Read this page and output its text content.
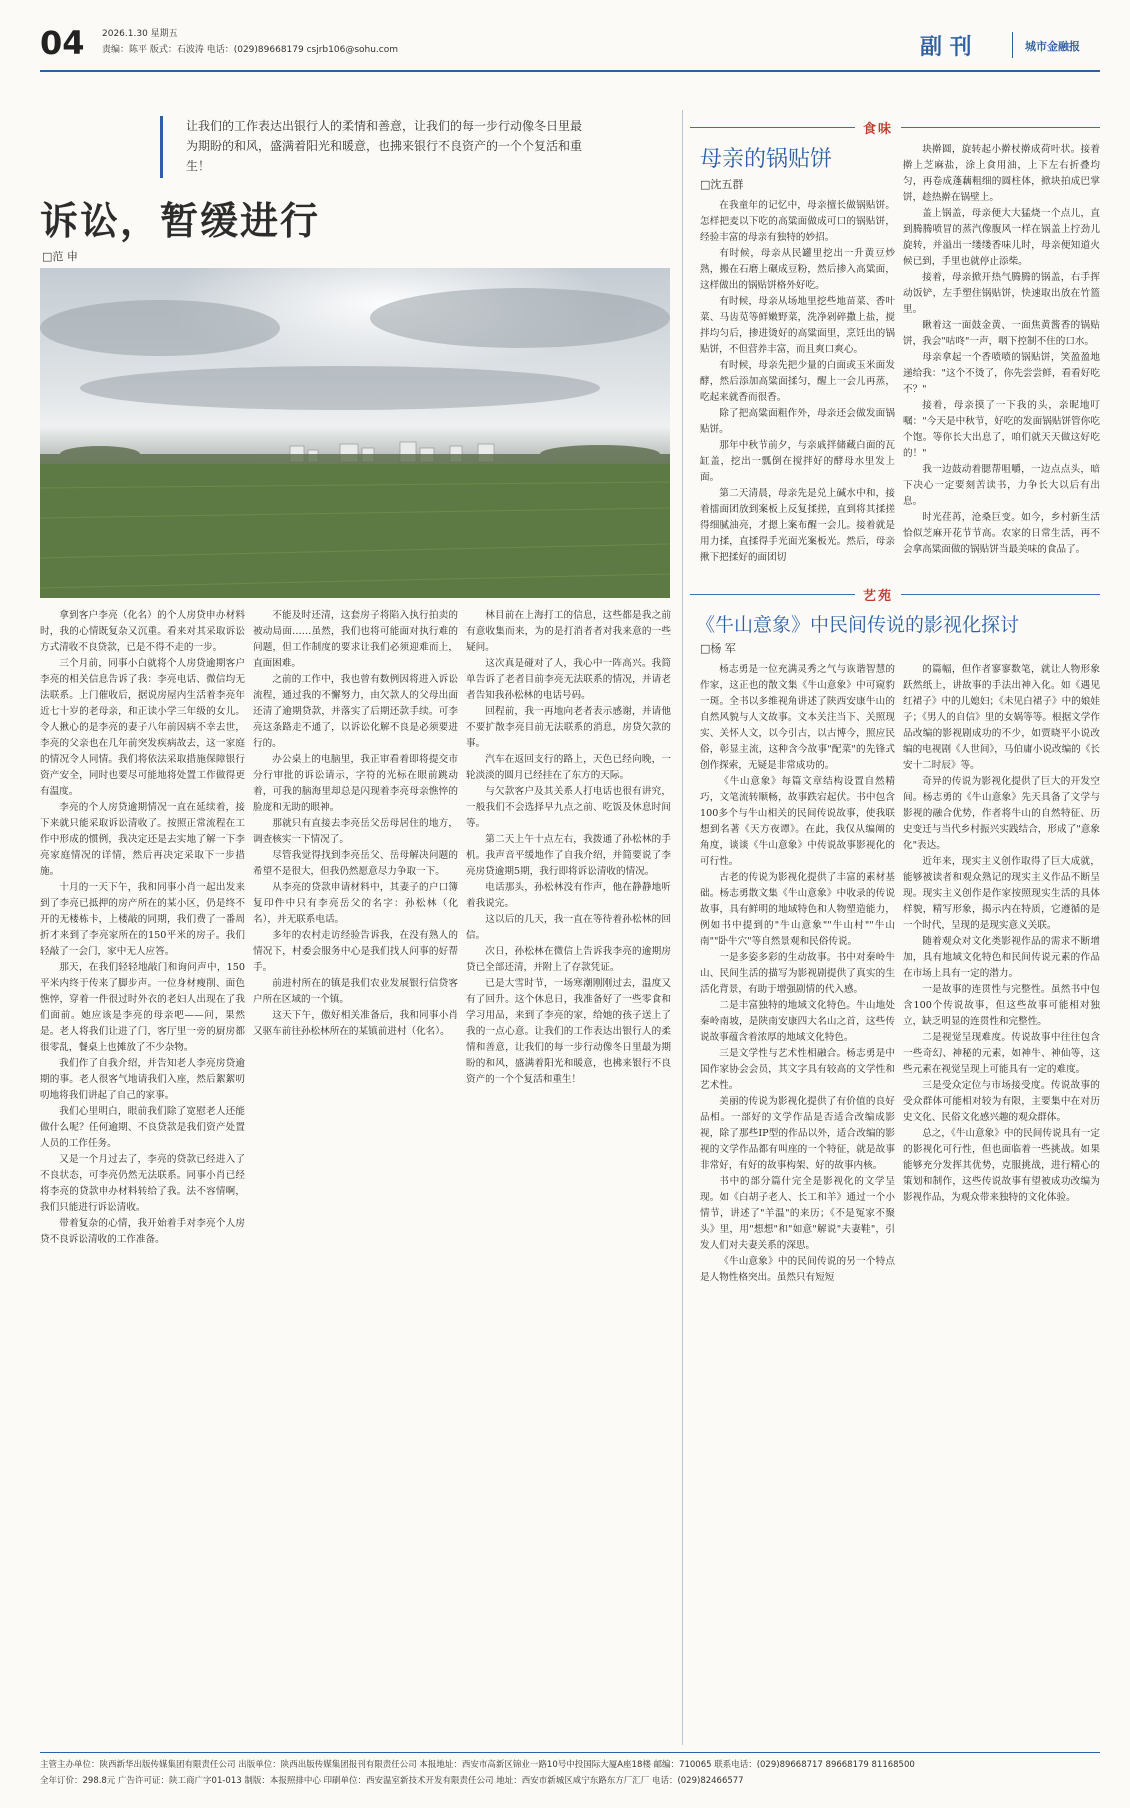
04 2026.1.30 星期五
责编：陈平 版式：石波涛 电话：(029)89668179 csjrb106@sohu.com	副 刊	城市金融报
让我们的工作表达出银行人的柔情和善意，让我们的每一步行动像冬日里最为期盼的和风，盛满着阳光和暖意，也拂来银行不良资产的一个个复活和重生！
诉讼，暂缓进行
□范 申

拿到客户李亮（化名）的个人房贷申办材料时，我的心情既复杂又沉重。看来对其采取诉讼方式清收不良贷款，已是不得不走的一步。

三个月前，同事小白就将个人房贷逾期客户李亮的相关信息告诉了我：李亮电话、微信均无法联系。上门催收后，据说房屋内生活着李亮年近七十岁的老母亲，和正读小学三年级的女儿。令人揪心的是李亮的妻子八年前因病不幸去世，李亮的父亲也在几年前突发疾病故去，这一家庭的情况令人同情。我们将依法采取措施保障银行资产安全，同时也要尽可能地将处置工作做得更有温度。

李亮的个人房贷逾期情况一直在延续着，接下来就只能采取诉讼清收了。按照正常流程在工作中形成的惯例，我决定还是去实地了解一下李亮家庭情况的详情，然后再决定采取下一步措施。

十月的一天下午，我和同事小肖一起出发来到了李亮已抵押的房产所在的某小区，仍是终不开的无楼栋卡，上楼敲的同期，我们费了一番周折才来到了李亮家所在的150平米的房子。我们轻敲了一会门，家中无人应答。

那天，在我们轻轻地敲门和询问声中，150平米内终于传来了脚步声。一位身材瘦削、面色憔悴，穿着一件很过时外衣的老妇人出现在了我们面前。她应该是李亮的母亲吧——问，果然是。老人将我们让进了门，客厅里一旁的厨房都很零乱，餐桌上也摊放了不少杂物。

我们作了自我介绍，并告知老人李亮房贷逾期的事。老人很客气地请我们入座，然后絮絮叨叨地将我们讲起了自己的家事。

我们心里明白，眼前我们除了宽慰老人还能做什么呢？任何逾期、不良贷款是我们资产处置人员的工作任务。

又是一个月过去了，李亮的贷款已经进入了不良状态，可李亮仍然无法联系。同事小肖已经将李亮的贷款申办材料转给了我。法不容情啊，我们只能进行诉讼清收。

带着复杂的心情，我开始着手对李亮个人房贷不良诉讼清收的工作准备。

不能及时还清，这套房子将陷入执行拍卖的被动局面……虽然，我们也将可能面对执行难的问题，但工作制度的要求让我们必须迎难而上，直面困难。

之前的工作中，我也曾有数例因将进入诉讼流程，通过我的不懈努力，由欠款人的父母出面还清了逾期贷款，并落实了后期还款手续。可李亮这条路走不通了，以诉讼化解不良是必须要进行的。

办公桌上的电脑里，我正审看着即将提交市分行审批的诉讼请示，字符的光标在眼前跳动着，可我的脑海里却总是闪现着李亮母亲憔悴的脸庞和无助的眼神。

那就只有直接去李亮岳父岳母居住的地方，调查核实一下情况了。

尽管我觉得找到李亮岳父、岳母解决问题的希望不是很大，但我仍然愿意尽力争取一下。

从李亮的贷款申请材料中，其妻子的户口簿复印件中只有李亮岳父的名字：孙松林（化名），并无联系电话。

多年的农村走访经验告诉我，在没有熟人的情况下，村委会服务中心是我们找人问事的好帮手。

前进村所在的镇是我们农业发展银行信贷客户所在区域的一个镇。

这天下午，傲好相关准备后，我和同事小肖又驱车前往孙松林所在的某镇前进村（化名）。

林目前在上海打工的信息，这些都是我之前有意收集而来，为的是打消者者对我来意的一些疑问。

这次真是碰对了人，我心中一阵高兴。我简单告诉了老者目前李亮无法联系的情况，并请老者告知我孙松林的电话号码。

回程前，我一再地向老者表示感谢，并请他不要扩散李亮目前无法联系的消息，房贷欠款的事。

汽车在返回支行的路上，天色已经向晚，一轮淡淡的圆月已经挂在了东方的天际。

与欠款客户及其关系人打电话也很有讲究，一般我们不会选择早九点之前、吃饭及休息时间等。

第二天上午十点左右，我拨通了孙松林的手机。我声音平缓地作了自我介绍，并简要说了李亮房贷逾期5期，我行即将诉讼清收的情况。

电话那头，孙松林没有作声，他在静静地听着我说完。

这以后的几天，我一直在等待着孙松林的回信。

次日，孙松林在微信上告诉我李亮的逾期房贷已全部还清，并附上了存款凭证。

已是大雪时节，一场寒潮刚刚过去，温度又有了回升。这个休息日，我准备好了一些零食和学习用品，来到了李亮的家，给她的孩子送上了我的一点心意。让我们的工作表达出银行人的柔情和善意，让我们的每一步行动像冬日里最为期盼的和风，盛满着阳光和暖意，也拂来银行不良资产的一个个复活和重生！

食味
母亲的锅贴饼
□沈五群

在我童年的记忆中，母亲擅长做锅贴饼。怎样把麦以下吃的高粱面做成可口的锅贴饼，经验丰富的母亲有独特的妙招。

有时候，母亲从民罐里挖出一升黄豆炒熟，搬在石磨上碾成豆粉，然后掺入高粱面，这样做出的锅贴饼格外好吃。

有时候，母亲从场地里挖些地苗菜、香叶菜、马齿苋等鲜嫩野菜，洗净剁碎撒上盐，搅拌均匀后，掺进烫好的高粱面里，烹饪出的锅贴饼，不但营养丰富，而且爽口爽心。

有时候，母亲先把少量的白面或玉米面发酵，然后添加高粱面揉匀，醒上一会儿再蒸，吃起来就香而很香。

除了把高粱面粗作外，母亲还会做发面锅贴饼。

那年中秋节前夕，与亲戚拌储藏白面的瓦缸盖，挖出一瓢倒在搅拌好的酵母水里发上面。

第二天清晨，母亲先是兑上碱水中和，接着擂面团放到案板上反复揉搓，直到将其揉搓得细腻油亮，才摁上案布醒一会儿。接着就是用力揉，直揉得手光面光案板光。然后，母亲揪下把揉好的面团切

块擀圆，旋转起小擀杖擀成荷叶状。接着擀上芝麻盐，涂上食用油，上下左右折叠均匀，再卷成蓬藕粗细的圆柱体，掀块拍成巴掌饼，趁热擀在锅壁上。

盖上锅盖，母亲便大大猛烧一个点儿，直到腾腾喷冒的蒸汽像腹风一样在锅盖上拧劲儿旋转，并溢出一缕缕香味儿时，母亲便知道火候已到，手里也就停止添柴。

接着，母亲掀开热气腾腾的锅盖，右手挥动饭铲，左手塑住锅贴饼，快速取出放在竹篮里。

瞅着这一面鼓金黄、一面焦黄酱香的锅贴饼，我会"咕咚"一声，咽下控制不住的口水。

母亲拿起一个香喷喷的锅贴饼，笑盈盈地递给我："这个不烫了，你先尝尝鲜，看看好吃不？"

接着，母亲摸了一下我的头，亲昵地叮嘱："今天是中秋节，好吃的发面锅贴饼管你吃个饱。等你长大出息了，咱们就天天做这好吃的！"

我一边鼓动着腮帮咀嚼，一边点点头，暗下决心一定要刻苦读书，力争长大以后有出息。

时光荏苒，沧桑巨变。如今，乡村新生活恰似芝麻开花节节高。农家的日常生活，再不会拿高粱面做的锅贴饼当最美味的食品了。

艺苑
《牛山意象》中民间传说的影视化探讨
□杨 军

杨志勇是一位充满灵秀之气与诙谐智慧的作家，这正也的散文集《牛山意象》中可窥豹一斑。全书以多维视角讲述了陕西安康牛山的自然风貌与人文故事。文本关注当下、关照现实、关怀人文，以今引古，以古博今，照应民俗，彰显主流，这种含今故事"配菜"的先锋式创作探索，无疑是非常成功的。

《牛山意象》每篇文章结构设置自然精巧，文笔流转顺畅，故事跌宕起伏。书中包含100多个与牛山相关的民间传说故事，使我联想到名著《天方夜谭》。在此，我仅从编阐的角度，谈谈《牛山意象》中传说故事影视化的可行性。

古老的传说为影视化提供了丰富的素材基础。杨志勇散文集《牛山意象》中收录的传说故事，具有鲜明的地域特色和人物塑造能力，例如书中提到的"牛山意象""牛山村""牛山南""卧牛穴"等自然景观和民俗传说。

一是多姿多彩的生动故事。书中对秦岭牛山、民间生活的描写为影视剧提供了真实的生活化背景，有助于增强剧情的代入感。

二是丰富独特的地域文化特色。牛山地处秦岭南坡，是陕南安康四大名山之首，这些传说故事蕴含着浓厚的地域文化特色。

三是文学性与艺术性相融合。杨志勇是中国作家协会会员，其文字具有较高的文学性和艺术性。

美丽的传说为影视化提供了有价值的良好品相。一部好的文学作品是否适合改编成影视，除了那些IP型的作品以外，适合改编的影视的文学作品都有叫座的一个特征，就是故事非常好，有好的故事构架、好的故事内核。

书中的部分篇什完全是影视化的文学呈现。如《白胡子老人、长工和羊》通过一个小情节，讲述了"羊温"的来历；《不是冤家不聚头》里，用"想想"和"如意"解说"夫妻鞋"，引发人们对夫妻关系的深思。

《牛山意象》中的民间传说的另一个特点是人物性格突出。虽然只有短短

的篇幅，但作者寥寥数笔，就让人物形象跃然纸上，讲故事的手法出神入化。如《遇见红裙子》中的儿媳妇；《未见白裙子》中的娘娃子；《男人的自信》里的女娲等等。根据文学作品改编的影视剧成功的不少，如贾晓平小说改编的电视剧《人世间》，马伯庸小说改编的《长安十二时辰》等。

奇异的传说为影视化提供了巨大的开发空间。杨志勇的《牛山意象》先天具备了文学与影视的融合优势，作者将牛山的自然特征、历史变迁与当代乡村振兴实践结合，形成了"意象化"表达。

近年来，现实主义创作取得了巨大成就，能够被读者和观众熟记的现实主义作品不断呈现。现实主义创作是作家按照现实生活的具体样貌，精写形象，揭示内在特质，它遵循的是一个时代，呈现的是现实意义关联。

随着观众对文化类影视作品的需求不断增加，具有地域文化特色和民间传说元素的作品在市场上具有一定的潜力。

一是故事的连贯性与完整性。虽然书中包含100个传说故事，但这些故事可能相对独立，缺乏明显的连贯性和完整性。

二是视觉呈现难度。传说故事中往往包含一些奇幻、神秘的元素，如神牛、神仙等，这些元素在视觉呈现上可能具有一定的难度。

三是受众定位与市场接受度。传说故事的受众群体可能相对较为有限，主要集中在对历史文化、民俗文化感兴趣的观众群体。

总之，《牛山意象》中的民间传说具有一定的影视化可行性，但也面临着一些挑战。如果能够充分发挥其优势，克服挑战，进行精心的策划和制作，这些传说故事有望被成功改编为影视作品，为观众带来独特的文化体验。

主管主办单位：陕西新华出版传媒集团有限责任公司 出版单位：陕西出版传媒集团报刊有限责任公司 本报地址：西安市高新区锦业一路10号中投国际大厦A座18楼 邮编：710065 联系电话：(029)89668717 89668179 81168500
全年订价：298.8元 广告许可证：陕工商广字01-013 制版：本报照排中心 印刷单位：西安温室新技术开发有限责任公司 地址：西安市新城区咸宁东路东方厂汇厂 电话：(029)82466577
